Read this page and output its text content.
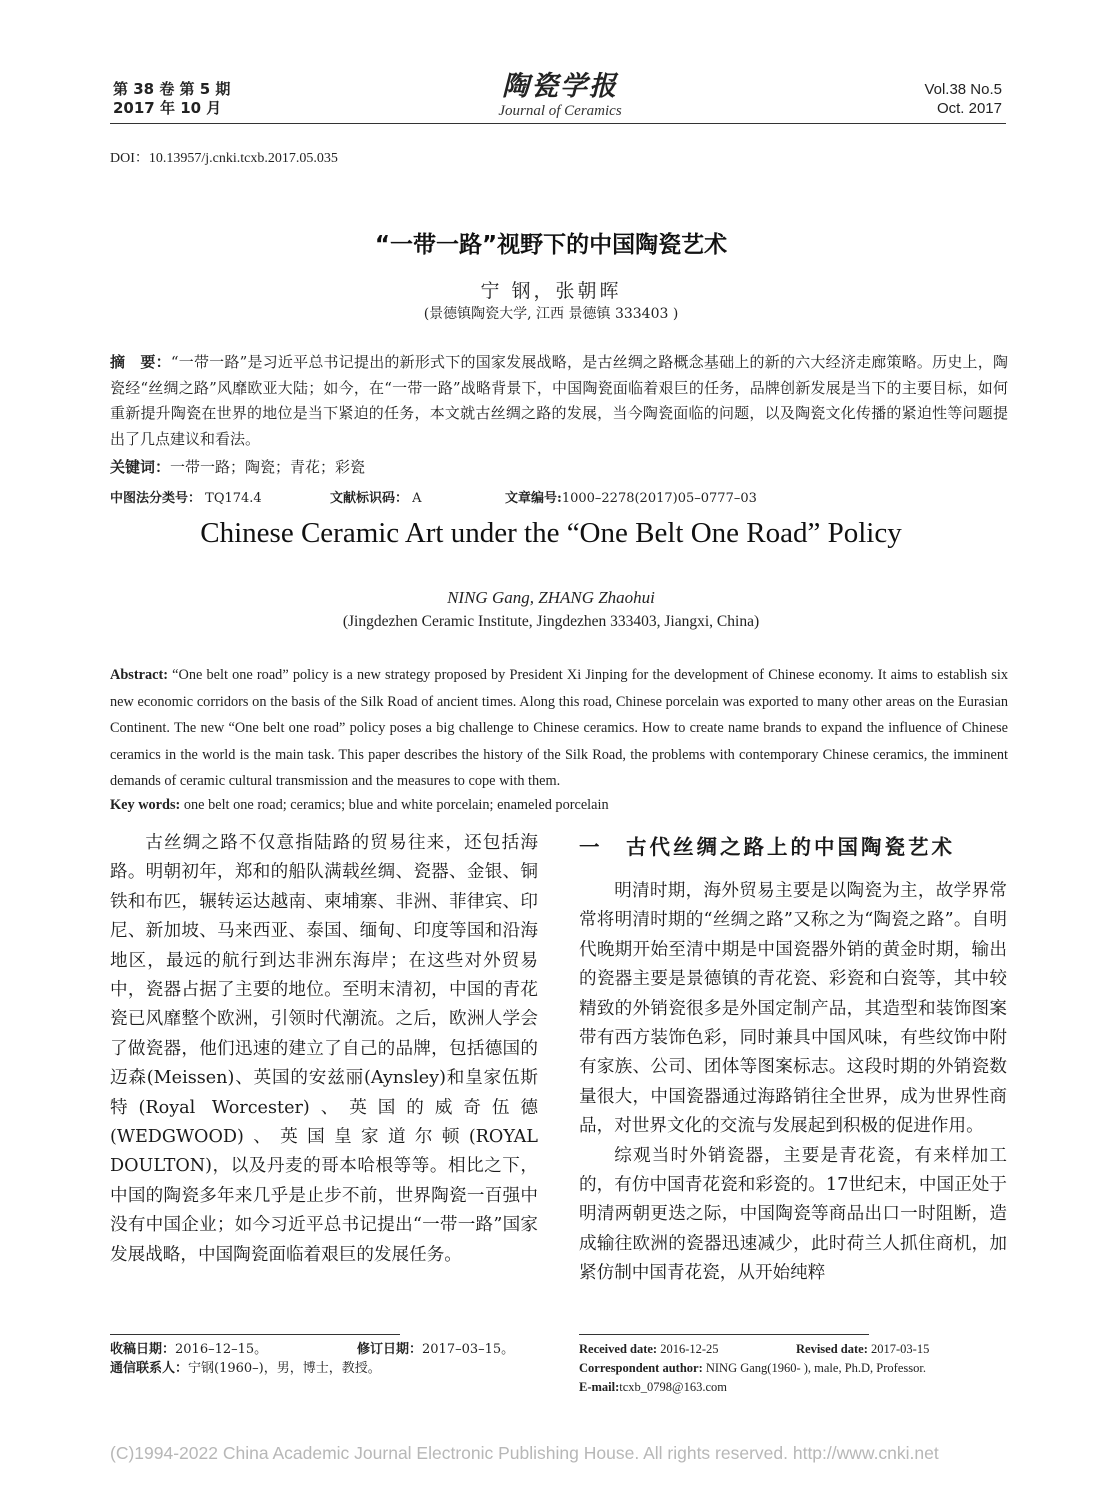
第 38 卷 第 5 期
2017 年 10 月
陶瓷学报
Journal of Ceramics
Vol.38 No.5
Oct. 2017
DOI：10.13957/j.cnki.tcxb.2017.05.035
“一带一路”视野下的中国陶瓷艺术
宁 钢，张朝晖
(景德镇陶瓷大学, 江西 景德镇 333403 )
摘　要：“一带一路”是习近平总书记提出的新形式下的国家发展战略，是古丝绸之路概念基础上的新的六大经济走廊策略。历史上，陶瓷经“丝绸之路”风靡欧亚大陆；如今，在“一带一路”战略背景下，中国陶瓷面临着艰巨的任务，品牌创新发展是当下的主要目标，如何重新提升陶瓷在世界的地位是当下紧迫的任务，本文就古丝绸之路的发展，当今陶瓷面临的问题，以及陶瓷文化传播的紧迫性等问题提出了几点建议和看法。
关键词：一带一路；陶瓷；青花；彩瓷
中图法分类号： TQ174.4	文献标识码： A	文章编号:1000–2278(2017)05–0777–03
Chinese Ceramic Art under the “One Belt One Road” Policy
NING Gang, ZHANG Zhaohui
(Jingdezhen Ceramic Institute, Jingdezhen 333403, Jiangxi, China)
Abstract: “One belt one road” policy is a new strategy proposed by President Xi Jinping for the development of Chinese economy. It aims to establish six new economic corridors on the basis of the Silk Road of ancient times. Along this road, Chinese porcelain was exported to many other areas on the Eurasian Continent. The new “One belt one road” policy poses a big challenge to Chinese ceramics. How to create name brands to expand the influence of Chinese ceramics in the world is the main task. This paper describes the history of the Silk Road, the problems with contemporary Chinese ceramics, the imminent demands of ceramic cultural transmission and the measures to cope with them.
Key words: one belt one road; ceramics; blue and white porcelain; enameled porcelain

古丝绸之路不仅意指陆路的贸易往来，还包括海路。明朝初年，郑和的船队满载丝绸、瓷器、金银、铜铁和布匹，辗转运达越南、柬埔寨、非洲、菲律宾、印尼、新加坡、马来西亚、泰国、缅甸、印度等国和沿海地区，最远的航行到达非洲东海岸；在这些对外贸易中，瓷器占据了主要的地位。至明末清初，中国的青花瓷已风靡整个欧洲，引领时代潮流。之后，欧洲人学会了做瓷器，他们迅速的建立了自己的品牌，包括德国的迈森(Meissen)、英国的安兹丽(Aynsley)和皇家伍斯特(Royal Worcester)、英国的威奇伍德(WEDGWOOD)、英国皇家道尔顿(ROYAL DOULTON)，以及丹麦的哥本哈根等等。相比之下，中国的陶瓷多年来几乎是止步不前，世界陶瓷一百强中没有中国企业；如今习近平总书记提出“一带一路”国家发展战略，中国陶瓷面临着艰巨的发展任务。

一　古代丝绸之路上的中国陶瓷艺术

明清时期，海外贸易主要是以陶瓷为主，故学界常常将明清时期的“丝绸之路”又称之为“陶瓷之路”。自明代晚期开始至清中期是中国瓷器外销的黄金时期，输出的瓷器主要是景德镇的青花瓷、彩瓷和白瓷等，其中较精致的外销瓷很多是外国定制产品，其造型和装饰图案带有西方装饰色彩，同时兼具中国风味，有些纹饰中附有家族、公司、团体等图案标志。这段时期的外销瓷数量很大，中国瓷器通过海路销往全世界，成为世界性商品，对世界文化的交流与发展起到积极的促进作用。

综观当时外销瓷器，主要是青花瓷，有来样加工的，有仿中国青花瓷和彩瓷的。17世纪末，中国正处于明清两朝更迭之际，中国陶瓷等商品出口一时阻断，造成输往欧洲的瓷器迅速减少，此时荷兰人抓住商机，加紧仿制中国青花瓷，从开始纯粹

收稿日期：2016–12–15。	修订日期：2017–03–15。
通信联系人：宁钢(1960–)，男，博士，教授。
Received date: 2016-12-25	Revised date: 2017-03-15
Correspondent author: NING Gang(1960- ), male, Ph.D, Professor.
E-mail:tcxb_0798@163.com
(C)1994-2022 China Academic Journal Electronic Publishing House. All rights reserved. http://www.cnki.net
